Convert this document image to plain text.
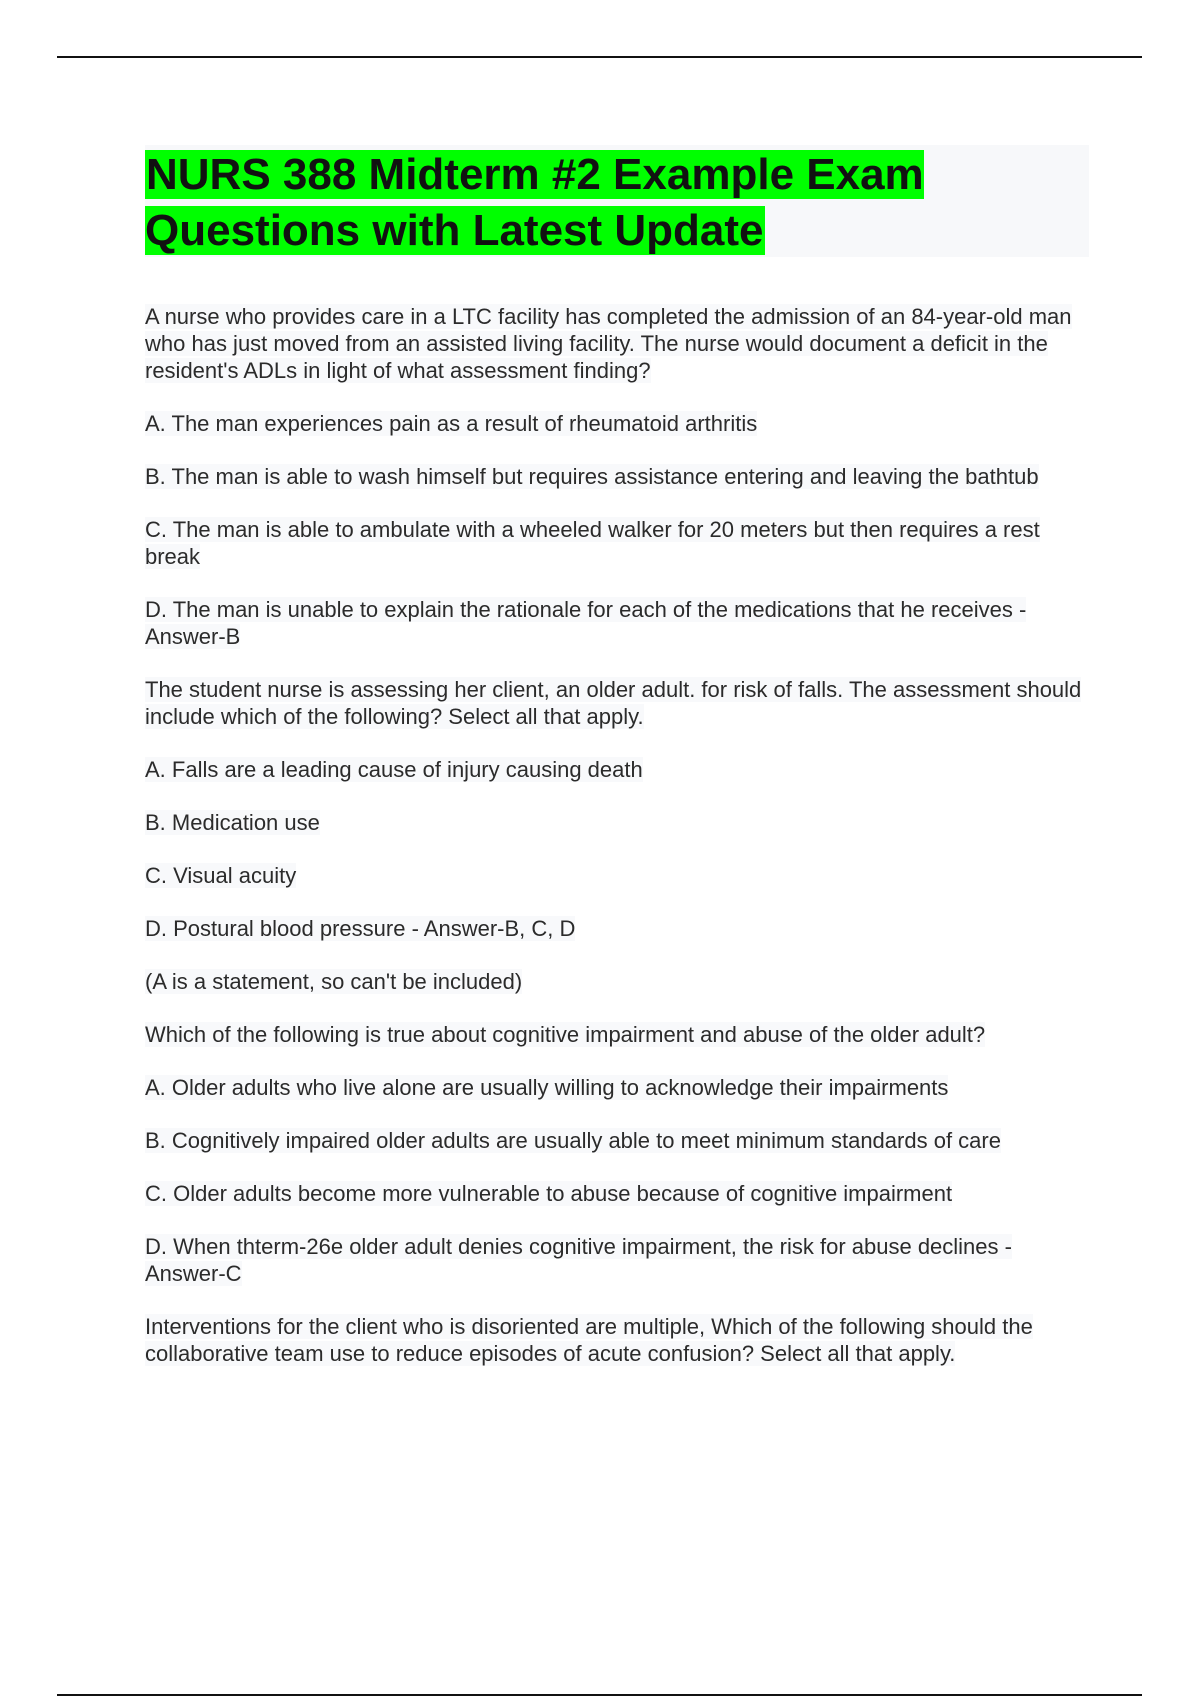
NURS 388 Midterm #2 Example Exam Questions with Latest Update

A nurse who provides care in a LTC facility has completed the admission of an 84-year-old man who has just moved from an assisted living facility. The nurse would document a deficit in the resident's ADLs in light of what assessment finding?

A. The man experiences pain as a result of rheumatoid arthritis

B. The man is able to wash himself but requires assistance entering and leaving the bathtub

C. The man is able to ambulate with a wheeled walker for 20 meters but then requires a rest break

D. The man is unable to explain the rationale for each of the medications that he receives - Answer-B

The student nurse is assessing her client, an older adult. for risk of falls. The assessment should include which of the following? Select all that apply.

A. Falls are a leading cause of injury causing death

B. Medication use

C. Visual acuity

D. Postural blood pressure - Answer-B, C, D

(A is a statement, so can't be included)

Which of the following is true about cognitive impairment and abuse of the older adult?

A. Older adults who live alone are usually willing to acknowledge their impairments

B. Cognitively impaired older adults are usually able to meet minimum standards of care

C. Older adults become more vulnerable to abuse because of cognitive impairment

D. When thterm-26e older adult denies cognitive impairment, the risk for abuse declines - Answer-C

Interventions for the client who is disoriented are multiple, Which of the following should the collaborative team use to reduce episodes of acute confusion? Select all that apply.
